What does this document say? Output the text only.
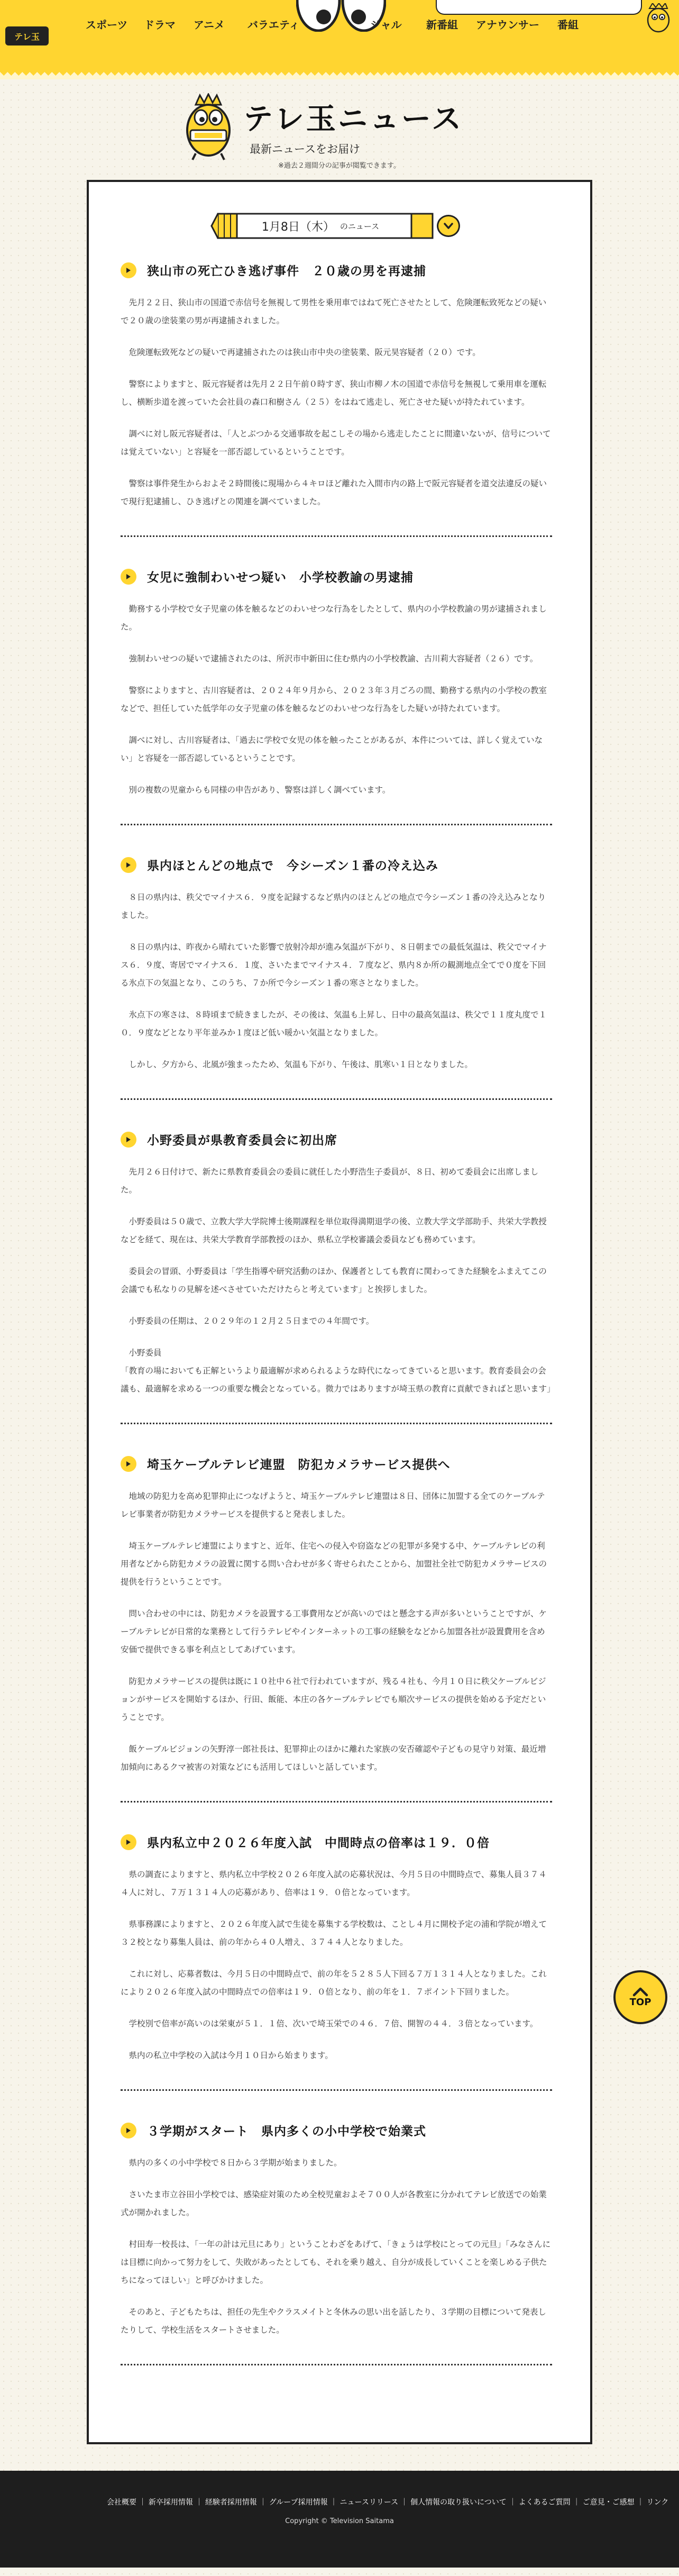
テレ玉
スポーツ ドラマ アニメ バラエティ	ジャル 新番組 アナウンサー 番組
テレ玉ニュース
最新ニュースをお届け
※過去２週間分の記事が閲覧できます。
1月8日（木） のニュース
狭山市の死亡ひき逃げ事件　２０歳の男を再逮捕

先月２２日、狭山市の国道で赤信号を無視して男性を乗用車ではねて死亡させたとして、危険運転致死などの疑いで２０歳の塗装業の男が再逮捕されました。

危険運転致死などの疑いで再逮捕されたのは狭山市中央の塗装業、阪元昊容疑者（２０）です。

警察によりますと、阪元容疑者は先月２２日午前０時すぎ、狭山市柳ノ木の国道で赤信号を無視して乗用車を運転し、横断歩道を渡っていた会社員の森口和樹さん（２５）をはねて逃走し、死亡させた疑いが持たれています。

調べに対し阪元容疑者は、「人とぶつかる交通事故を起こしその場から逃走したことに間違いないが、信号については覚えていない」と容疑を一部否認しているということです。

警察は事件発生からおよそ２時間後に現場から４キロほど離れた入間市内の路上で阪元容疑者を道交法違反の疑いで現行犯逮捕し、ひき逃げとの関連を調べていました。

女児に強制わいせつ疑い　小学校教諭の男逮捕

勤務する小学校で女子児童の体を触るなどのわいせつな行為をしたとして、県内の小学校教諭の男が逮捕されました。

強制わいせつの疑いで逮捕されたのは、所沢市中新田に住む県内の小学校教諭、古川莉大容疑者（２６）です。

警察によりますと、古川容疑者は、２０２４年９月から、２０２３年３月ごろの間、勤務する県内の小学校の教室などで、担任していた低学年の女子児童の体を触るなどのわいせつな行為をした疑いが持たれています。

調べに対し、古川容疑者は、「過去に学校で女児の体を触ったことがあるが、本件については、詳しく覚えていない」と容疑を一部否認しているということです。

別の複数の児童からも同様の申告があり、警察は詳しく調べています。

県内ほとんどの地点で　今シーズン１番の冷え込み

８日の県内は、秩父でマイナス６．９度を記録するなど県内のほとんどの地点で今シーズン１番の冷え込みとなりました。

８日の県内は、昨夜から晴れていた影響で放射冷却が進み気温が下がり、８日朝までの最低気温は、秩父でマイナス６．９度、寄居でマイナス６．１度、さいたまでマイナス４．７度など、県内８か所の観測地点全てで０度を下回る氷点下の気温となり、このうち、７か所で今シーズン１番の寒さとなりました。

氷点下の寒さは、８時頃まで続きましたが、その後は、気温も上昇し、日中の最高気温は、秩父で１１度丸度で１０．９度などとなり平年並みか１度ほど低い暖かい気温となりました。

しかし、夕方から、北風が強まったため、気温も下がり、午後は、肌寒い１日となりました。

小野委員が県教育委員会に初出席

先月２６日付けで、新たに県教育委員会の委員に就任した小野浩生子委員が、８日、初めて委員会に出席しました。

小野委員は５０歳で、立教大学大学院博士後期課程を単位取得満期退学の後、立教大学文学部助手、共栄大学教授などを経て、現在は、共栄大学教育学部教授のほか、県私立学校審議会委員なども務めています。

委員会の冒頭、小野委員は「学生指導や研究活動のほか、保護者としても教育に関わってきた経験をふまえてこの会議でも私なりの見解を述べさせていただけたらと考えています」と挨拶しました。

小野委員の任期は、２０２９年の１２月２５日までの４年間です。

小野委員
「教育の場においても正解というより最適解が求められるような時代になってきていると思います。教育委員会の会議も、最適解を求める一つの重要な機会となっている。微力ではありますが埼玉県の教育に貢献できればと思います」

埼玉ケーブルテレビ連盟　防犯カメラサービス提供へ

地域の防犯力を高め犯罪抑止につなげようと、埼玉ケーブルテレビ連盟は８日、団体に加盟する全てのケーブルテレビ事業者が防犯カメラサービスを提供すると発表しました。

埼玉ケーブルテレビ連盟によりますと、近年、住宅への侵入や窃盗などの犯罪が多発する中、ケーブルテレビの利用者などから防犯カメラの設置に関する問い合わせが多く寄せられたことから、加盟社全社で防犯カメラサービスの提供を行うということです。

問い合わせの中には、防犯カメラを設置する工事費用などが高いのではと懸念する声が多いということですが、ケーブルテレビが日常的な業務として行うテレビやインターネットの工事の経験をなどから加盟各社が設置費用を含め安価で提供できる事を利点としてあげています。

防犯カメラサービスの提供は既に１０社中６社で行われていますが、残る４社も、今月１０日に秩父ケーブルビジョンがサービスを開始するほか、行田、飯能、本庄の各ケーブルテレビでも順次サービスの提供を始める予定だということです。

飯ケーブルビジョンの矢野淳一郎社長は、犯罪抑止のほかに離れた家族の安否確認や子どもの見守り対策、最近増加傾向にあるクマ被害の対策などにも活用してほしいと話しています。

県内私立中２０２６年度入試　中間時点の倍率は１９．０倍

県の調査によりますと、県内私立中学校２０２６年度入試の応募状況は、今月５日の中間時点で、募集人員３７４４人に対し、７万１３１４人の応募があり、倍率は１９．０倍となっています。

県事務課によりますと、２０２６年度入試で生徒を募集する学校数は、ことし４月に開校予定の浦和学院が増えて３２校となり募集人員は、前の年から４０人増え、３７４４人となりました。

これに対し、応募者数は、今月５日の中間時点で、前の年を５２８５人下回る７万１３１４人となりました。これにより２０２６年度入試の中間時点での倍率は１９．０倍となり、前の年を１．７ポイント下回りました。

学校別で倍率が高いのは栄東が５１．１倍、次いで埼玉栄での４６．７倍、開智の４４．３倍となっています。

県内の私立中学校の入試は今月１０日から始まります。

３学期がスタート　県内多くの小中学校で始業式

県内の多くの小中学校で８日から３学期が始まりました。

さいたま市立谷田小学校では、感染症対策のため全校児童およそ７００人が各教室に分かれてテレビ放送での始業式が開かれました。

村田寿一校長は、「一年の計は元旦にあり」ということわざをあげて、「きょうは学校にとっての元旦」「みなさんには目標に向かって努力をして、失敗があったとしても、それを乗り越え、自分が成長していくことを楽しめる子供たちになってほしい」と呼びかけました。

そのあと、子どもたちは、担任の先生やクラスメイトと冬休みの思い出を話したり、３学期の目標について発表したりして、学校生活をスタートさせました。

TOP
会社概要 ｜ 新卒採用情報 ｜ 経験者採用情報 ｜ グループ採用情報 ｜ ニュースリリース ｜ 個人情報の取り扱いについて ｜ よくあるご質問 ｜ ご意見・ご感想 ｜ リンク
Copyright © Television Saitama
